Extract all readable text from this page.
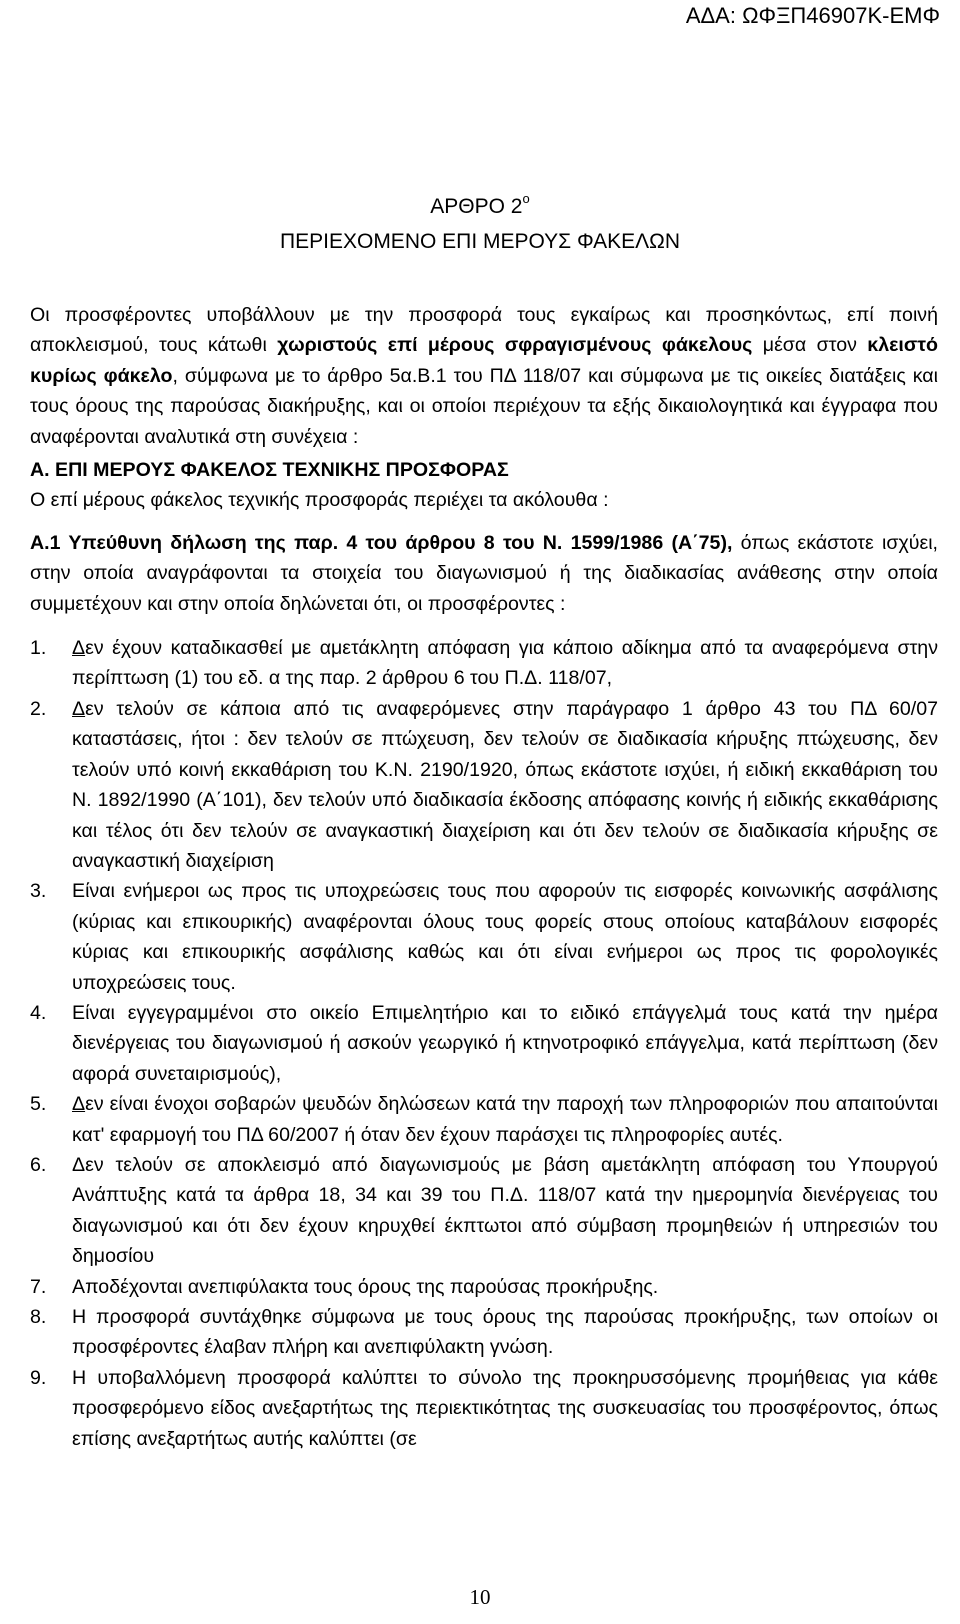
ΑΔΑ: ΩΦΞΠ46907Κ-ΕΜΦ
ΑΡΘΡΟ $2^o$
ΠΕΡΙΕΧΟΜΕΝΟ ΕΠΙ ΜΕΡΟΥΣ ΦΑΚΕΛΩΝ

Οι προσφέροντες υποβάλλουν με την προσφορά τους εγκαίρως και προσηκόντως, επί ποινή αποκλεισμού, τους κάτωθι χωριστούς επί μέρους σφραγισμένους φάκελους μέσα στον κλειστό κυρίως φάκελο, σύμφωνα με το άρθρο 5α.Β.1 του ΠΔ 118/07 και σύμφωνα με τις οικείες διατάξεις και τους όρους της παρούσας διακήρυξης, και οι οποίοι περιέχουν τα εξής δικαιολογητικά και έγγραφα που αναφέρονται αναλυτικά στη συνέχεια :

Α. ΕΠΙ ΜΕΡΟΥΣ ΦΑΚΕΛΟΣ ΤΕΧΝΙΚΗΣ ΠΡΟΣΦΟΡΑΣ

Ο επί μέρους φάκελος τεχνικής προσφοράς περιέχει τα ακόλουθα :

Α.1 Υπεύθυνη δήλωση της παρ. 4 του άρθρου 8 του Ν. 1599/1986 (Α΄75), όπως εκάστοτε ισχύει, στην οποία αναγράφονται τα στοιχεία του διαγωνισμού ή της διαδικασίας ανάθεσης στην οποία συμμετέχουν και στην οποία δηλώνεται ότι, οι προσφέροντες :

1.	Δεν έχουν καταδικασθεί με αμετάκλητη απόφαση για κάποιο αδίκημα από τα αναφερόμενα στην περίπτωση (1) του εδ. α της παρ. 2 άρθρου 6 του Π.Δ. 118/07,
2.	Δεν τελούν σε κάποια από τις αναφερόμενες στην παράγραφο 1 άρθρο 43 του ΠΔ 60/07 καταστάσεις, ήτοι : δεν τελούν σε πτώχευση, δεν τελούν σε διαδικασία κήρυξης πτώχευσης, δεν τελούν υπό κοινή εκκαθάριση του Κ.Ν. 2190/1920, όπως εκάστοτε ισχύει, ή ειδική εκκαθάριση του Ν. 1892/1990 (Α΄101), δεν τελούν υπό διαδικασία έκδοσης απόφασης κοινής ή ειδικής εκκαθάρισης και τέλος ότι δεν τελούν σε αναγκαστική διαχείριση και ότι δεν τελούν σε διαδικασία κήρυξης σε αναγκαστική διαχείριση
3.	Είναι ενήμεροι ως προς τις υποχρεώσεις τους που αφορούν τις εισφορές κοινωνικής ασφάλισης (κύριας και επικουρικής) αναφέρονται όλους τους φορείς στους οποίους καταβάλουν εισφορές κύριας και επικουρικής ασφάλισης καθώς και ότι είναι ενήμεροι ως προς τις φορολογικές υποχρεώσεις τους.
4.	Είναι εγγεγραμμένοι στο οικείο Επιμελητήριο και το ειδικό επάγγελμά τους κατά την ημέρα διενέργειας του διαγωνισμού ή ασκούν γεωργικό ή κτηνοτροφικό επάγγελμα, κατά περίπτωση (δεν αφορά συνεταιρισμούς),
5.	Δεν είναι ένοχοι σοβαρών ψευδών δηλώσεων κατά την παροχή των πληροφοριών που απαιτούνται κατ' εφαρμογή του ΠΔ 60/2007 ή όταν δεν έχουν παράσχει τις πληροφορίες αυτές.
6.	Δεν τελούν σε αποκλεισμό από διαγωνισμούς με βάση αμετάκλητη απόφαση του Υπουργού Ανάπτυξης κατά τα άρθρα 18, 34 και 39 του Π.Δ. 118/07 κατά την ημερομηνία διενέργειας του διαγωνισμού και ότι δεν έχουν κηρυχθεί έκπτωτοι από σύμβαση προμηθειών ή υπηρεσιών του δημοσίου
7.	Αποδέχονται ανεπιφύλακτα τους όρους της παρούσας προκήρυξης.
8.	Η προσφορά συντάχθηκε σύμφωνα με τους όρους της παρούσας προκήρυξης, των οποίων οι προσφέροντες έλαβαν πλήρη και ανεπιφύλακτη γνώση.
9.	Η υποβαλλόμενη προσφορά καλύπτει το σύνολο της προκηρυσσόμενης προμήθειας για κάθε προσφερόμενο είδος ανεξαρτήτως της περιεκτικότητας της συσκευασίας του προσφέροντος, όπως επίσης ανεξαρτήτως αυτής καλύπτει (σε
10
